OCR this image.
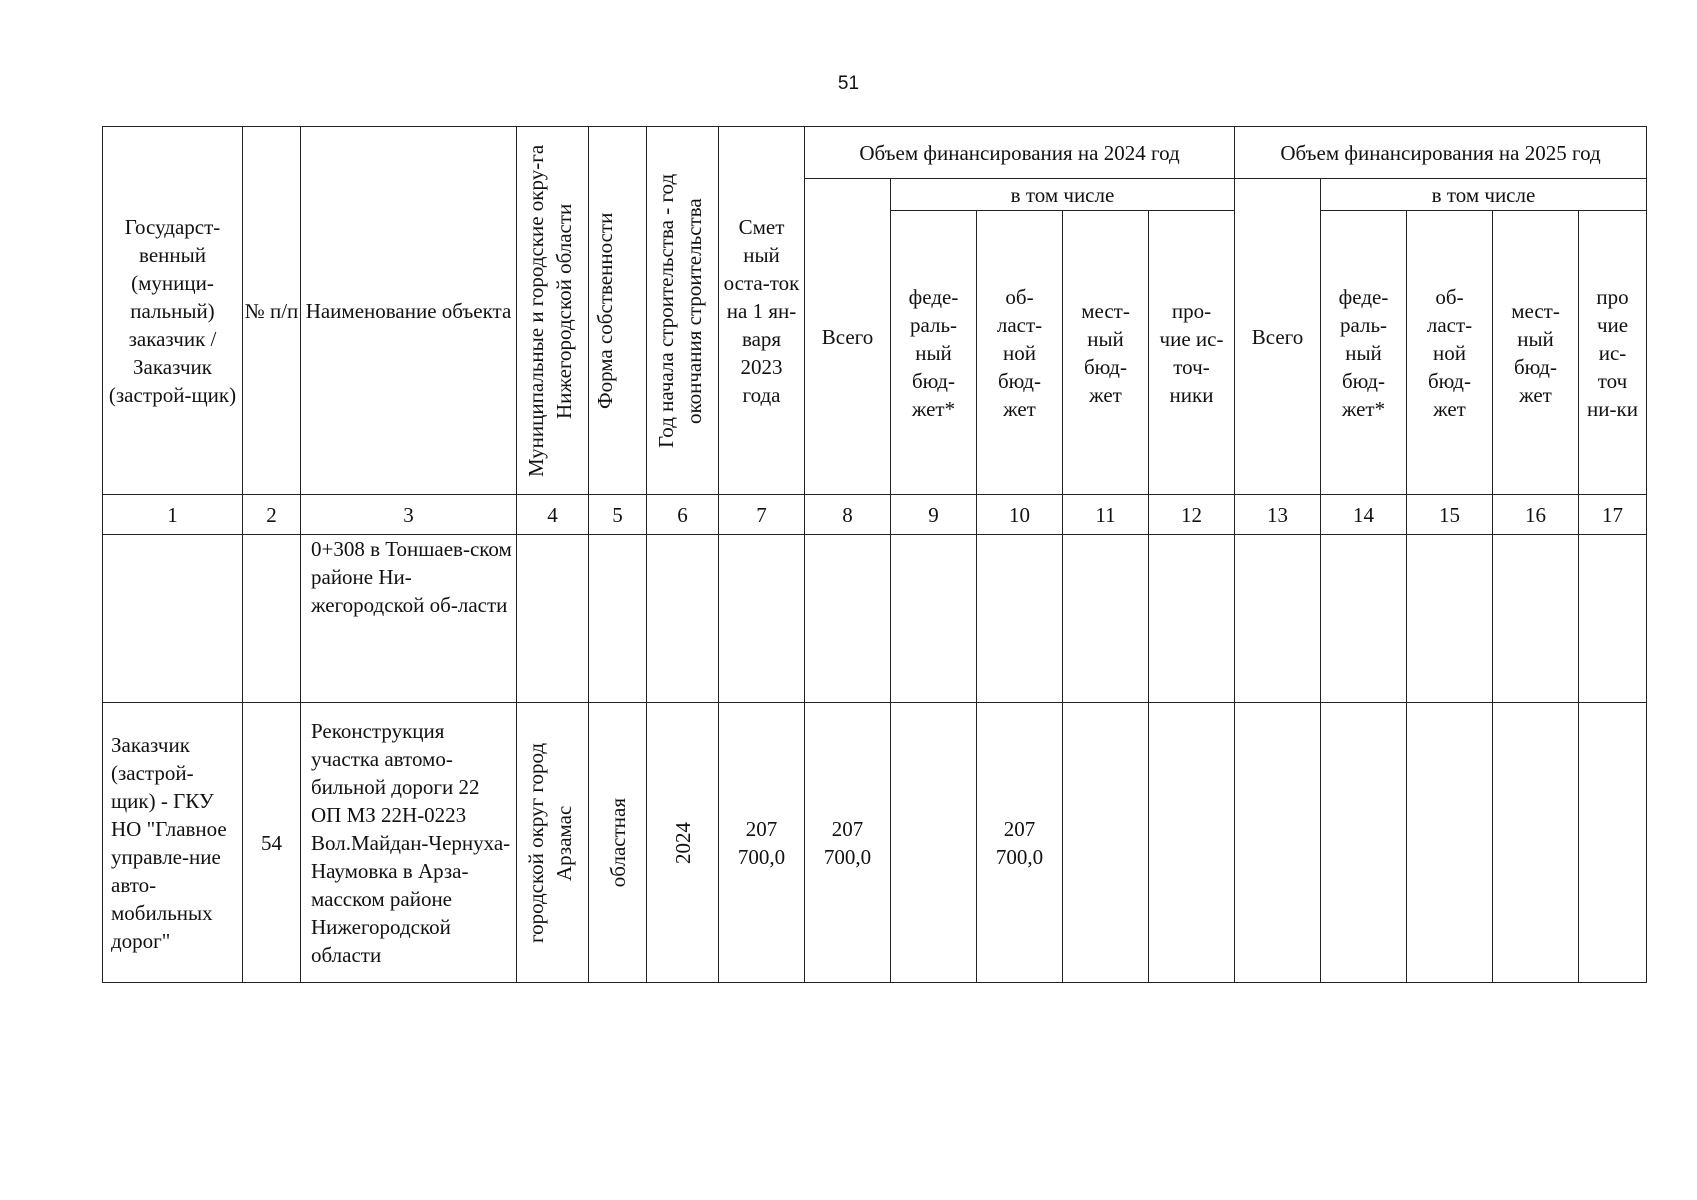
51
Государст-венный (муници-пальный) заказчик / Заказчик (застрой-щик)	№ п/п	Наименование объекта	Муниципальные и городские окру-га Нижегородской области	Форма собственности	Год начала строительства - год окончания строительства	Смет ный оста-ток на 1 ян-варя 2023 года	Объем финансирования на 2024 год					Объем финансирования на 2025 год				
							Всего	в том числе				Всего	в том числе			
								феде-раль-ный бюд-жет*	об-ласт-ной бюд-жет	мест-ный бюд-жет	про-чие ис-точ-ники		феде-раль-ный бюд-жет*	об-ласт-ной бюд-жет	мест-ный бюд-жет	про чие ис-точ ни-ки
1	2	3	4	5	6	7	8	9	10	11	12	13	14	15	16	17
		0+308 в Тоншаев-ском районе Ни-жегородской об-ласти														
Заказчик (застрой-щик) - ГКУ НО "Главное управле-ние авто-мобильных дорог"	54	Реконструкция участка автомо-бильной дороги 22 ОП МЗ 22Н-0223 Вол.Майдан-Чернуха-Наумовка в Арза-масском районе Нижегородской области	городской округ город Арзамас	областная	2024	207 700,0	207 700,0		207 700,0							
